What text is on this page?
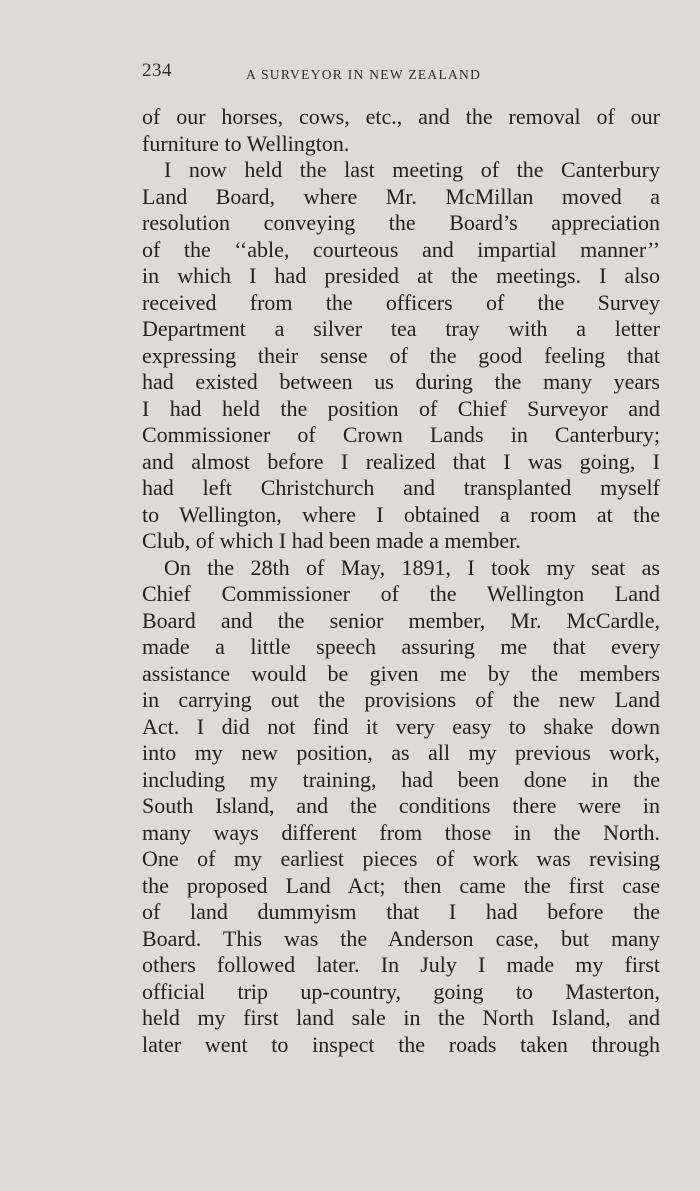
234	A SURVEYOR IN NEW ZEALAND
of our horses, cows, etc., and the removal of our
furniture to Wellington.
I now held the last meeting of the Canterbury
Land Board, where Mr. McMillan moved a
resolution conveying the Board’s appreciation
of the ‘‘able, courteous and impartial manner’’
in which I had presided at the meetings. I also
received from the officers of the Survey
Department a silver tea tray with a letter
expressing their sense of the good feeling that
had existed between us during the many years
I had held the position of Chief Surveyor and
Commissioner of Crown Lands in Canterbury;
and almost before I realized that I was going, I
had left Christchurch and transplanted myself
to Wellington, where I obtained a room at the
Club, of which I had been made a member.
On the 28th of May, 1891, I took my seat as
Chief Commissioner of the Wellington Land
Board and the senior member, Mr. McCardle,
made a little speech assuring me that every
assistance would be given me by the members
in carrying out the provisions of the new Land
Act. I did not find it very easy to shake down
into my new position, as all my previous work,
including my training, had been done in the
South Island, and the conditions there were in
many ways different from those in the North.
One of my earliest pieces of work was revising
the proposed Land Act; then came the first case
of land dummyism that I had before the
Board. This was the Anderson case, but many
others followed later. In July I made my first
official trip up-country, going to Masterton,
held my first land sale in the North Island, and
later went to inspect the roads taken through
